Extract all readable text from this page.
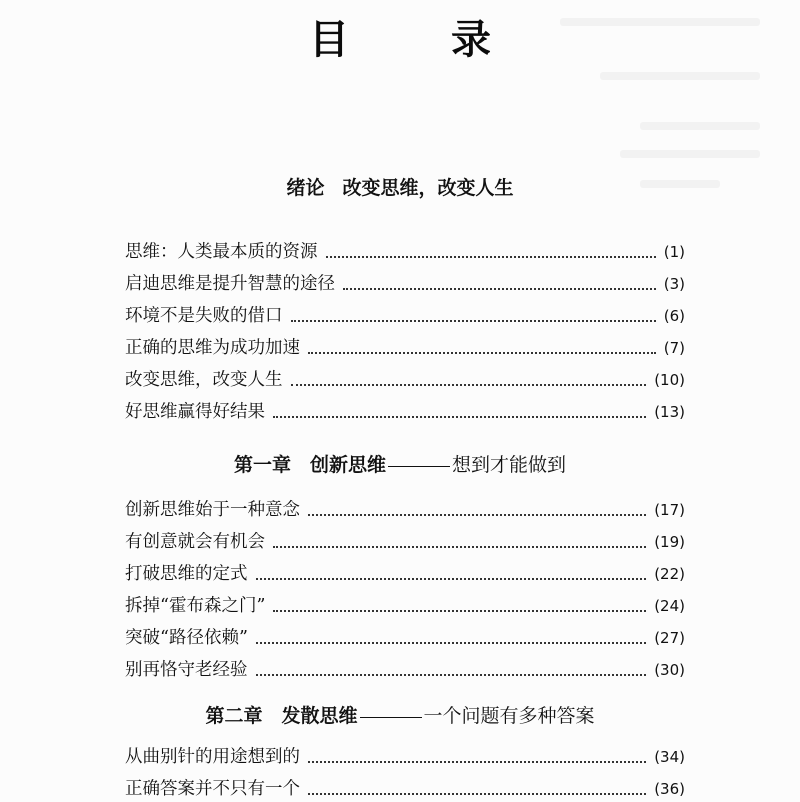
目 录
绪论 改变思维，改变人生
思维：人类最本质的资源	(1)
启迪思维是提升智慧的途径	(3)
环境不是失败的借口	(6)
正确的思维为成功加速	(7)
改变思维，改变人生	(10)
好思维赢得好结果	(13)
第一章　创新思维	想到才能做到
创新思维始于一种意念	(17)
有创意就会有机会	(19)
打破思维的定式	(22)
拆掉“霍布森之门”	(24)
突破“路径依赖”	(27)
别再恪守老经验	(30)
第二章　发散思维	一个问题有多种答案
从曲别针的用途想到的	(34)
正确答案并不只有一个	(36)
